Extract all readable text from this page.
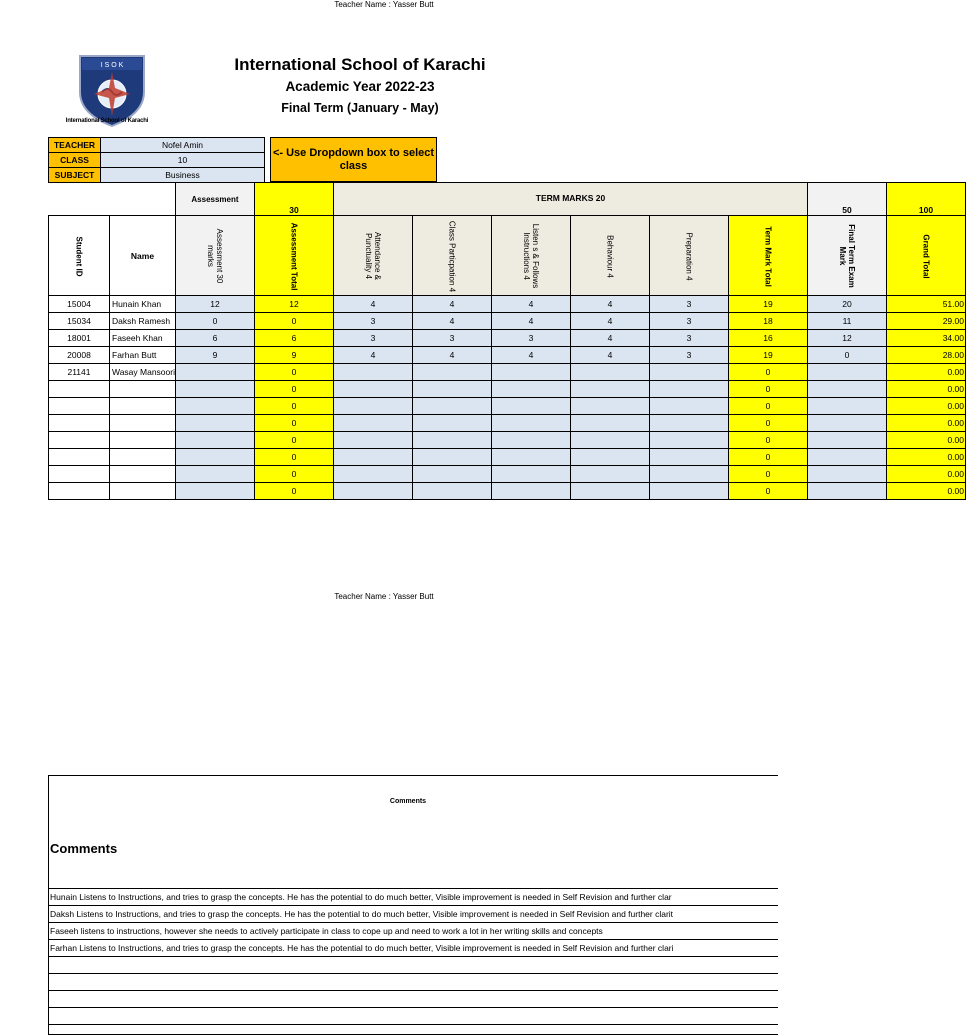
Teacher Name : Yasser Butt
I S O K
International School of Karachi
International School of Karachi
Academic Year 2022-23
Final Term (January - May)
TEACHER	Nofel Amin
CLASS	10
SUBJECT	Business
<- Use Dropdown box to select class
		Assessment	30	TERM MARKS 20						50	100
Student ID	Name	Assessment 30 marks	Assessment Total	Attendance & Punctuality 4	Class Particpation 4	Listen s & Follows Instructions 4	Behaviour 4	Preparation 4	Term Mark Total	Final Term Exam Mark	Grand Total
15004	Hunain Khan	12	12	4	4	4	4	3	19	20	51.00
15034	Daksh Ramesh	0	0	3	4	4	4	3	18	11	29.00
18001	Faseeh Khan	6	6	3	3	3	4	3	16	12	34.00
20008	Farhan Butt	9	9	4	4	4	4	3	19	0	28.00
21141	Wasay Mansoori		0						0		0.00
			0						0		0.00
			0						0		0.00
			0						0		0.00
			0						0		0.00
			0						0		0.00
			0						0		0.00
			0						0		0.00
Teacher Name : Yasser Butt
Comments
Comments
Hunain Listens to Instructions, and tries to grasp the concepts. He has the potential to do much better, Visible improvement is needed in Self Revision and further clar
Daksh Listens to Instructions, and tries to grasp the concepts. He has the potential to do much better, Visible improvement is needed in Self Revision and further clarit
Faseeh listens to instructions, however she needs to actively participate in class to cope up and need to work a lot in her writing skills and concepts
Farhan Listens to Instructions, and tries to grasp the concepts. He has the potential to do much better, Visible improvement is needed in Self Revision and further clari
